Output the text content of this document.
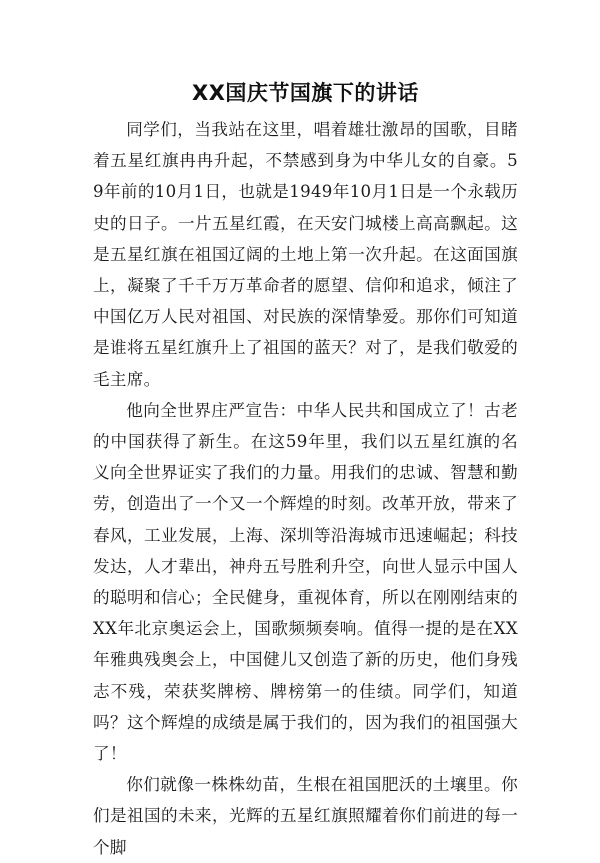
XX国庆节国旗下的讲话

同学们，当我站在这里，唱着雄壮激昂的国歌，目睹着五星红旗冉冉升起，不禁感到身为中华儿女的自豪。59年前的10月1日，也就是1949年10月1日是一个永载历史的日子。一片五星红霞，在天安门城楼上高高飘起。这是五星红旗在祖国辽阔的土地上第一次升起。在这面国旗上，凝聚了千千万万革命者的愿望、信仰和追求，倾注了中国亿万人民对祖国、对民族的深情挚爱。那你们可知道是谁将五星红旗升上了祖国的蓝天？对了，是我们敬爱的毛主席。

他向全世界庄严宣告：中华人民共和国成立了！古老的中国获得了新生。在这59年里，我们以五星红旗的名义向全世界证实了我们的力量。用我们的忠诚、智慧和勤劳，创造出了一个又一个辉煌的时刻。改革开放，带来了春风，工业发展，上海、深圳等沿海城市迅速崛起；科技发达，人才辈出，神舟五号胜利升空，向世人显示中国人的聪明和信心；全民健身，重视体育，所以在刚刚结束的XX年北京奥运会上，国歌频频奏响。值得一提的是在XX年雅典残奥会上，中国健儿又创造了新的历史，他们身残志不残，荣获奖牌榜、牌榜第一的佳绩。同学们，知道吗？这个辉煌的成绩是属于我们的，因为我们的祖国强大了！

你们就像一株株幼苗，生根在祖国肥沃的土壤里。你们是祖国的未来，光辉的五星红旗照耀着你们前进的每一个脚
